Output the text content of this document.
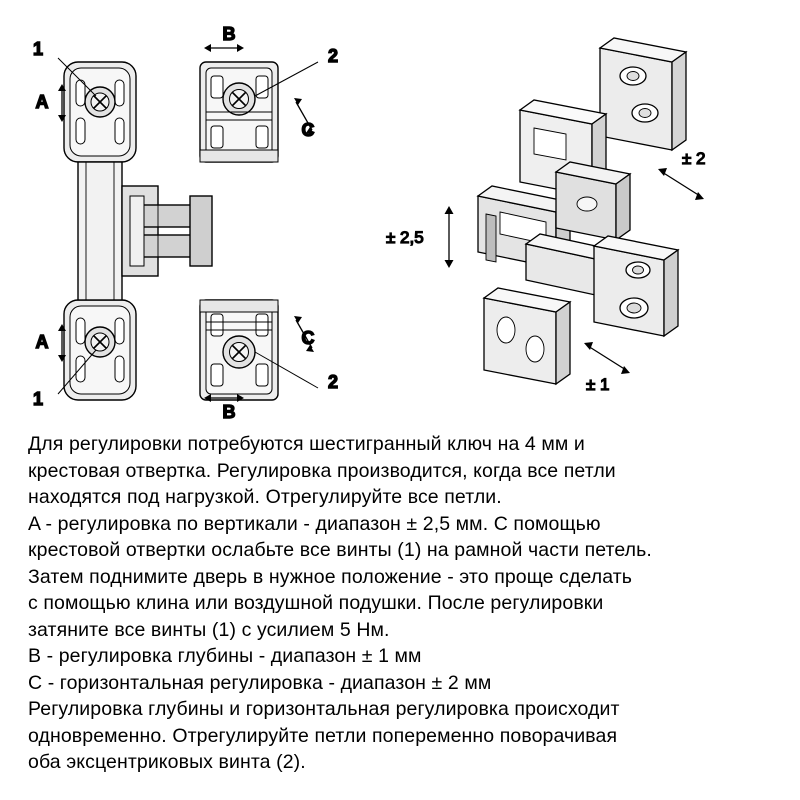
1
1
2
2
A
A
B
B
C
C
± 2,5
± 2
± 1

Для регулировки потребуются шестигранный ключ на 4 мм и

крестовая отвертка. Регулировка производится, когда все петли

находятся под нагрузкой. Отрегулируйте все петли.

A - регулировка по вертикали - диапазон ± 2,5 мм. С помощью

крестовой отвертки ослабьте все винты (1) на рамной части петель.

Затем поднимите дверь в нужное положение - это проще сделать

с помощью клина или воздушной подушки. После регулировки

затяните все винты (1) с усилием 5 Нм.

B - регулировка глубины - диапазон ± 1 мм

C - горизонтальная регулировка - диапазон ± 2 мм

Регулировка глубины и горизонтальная регулировка происходит

одновременно. Отрегулируйте петли попеременно поворачивая

оба эксцентриковых винта (2).
